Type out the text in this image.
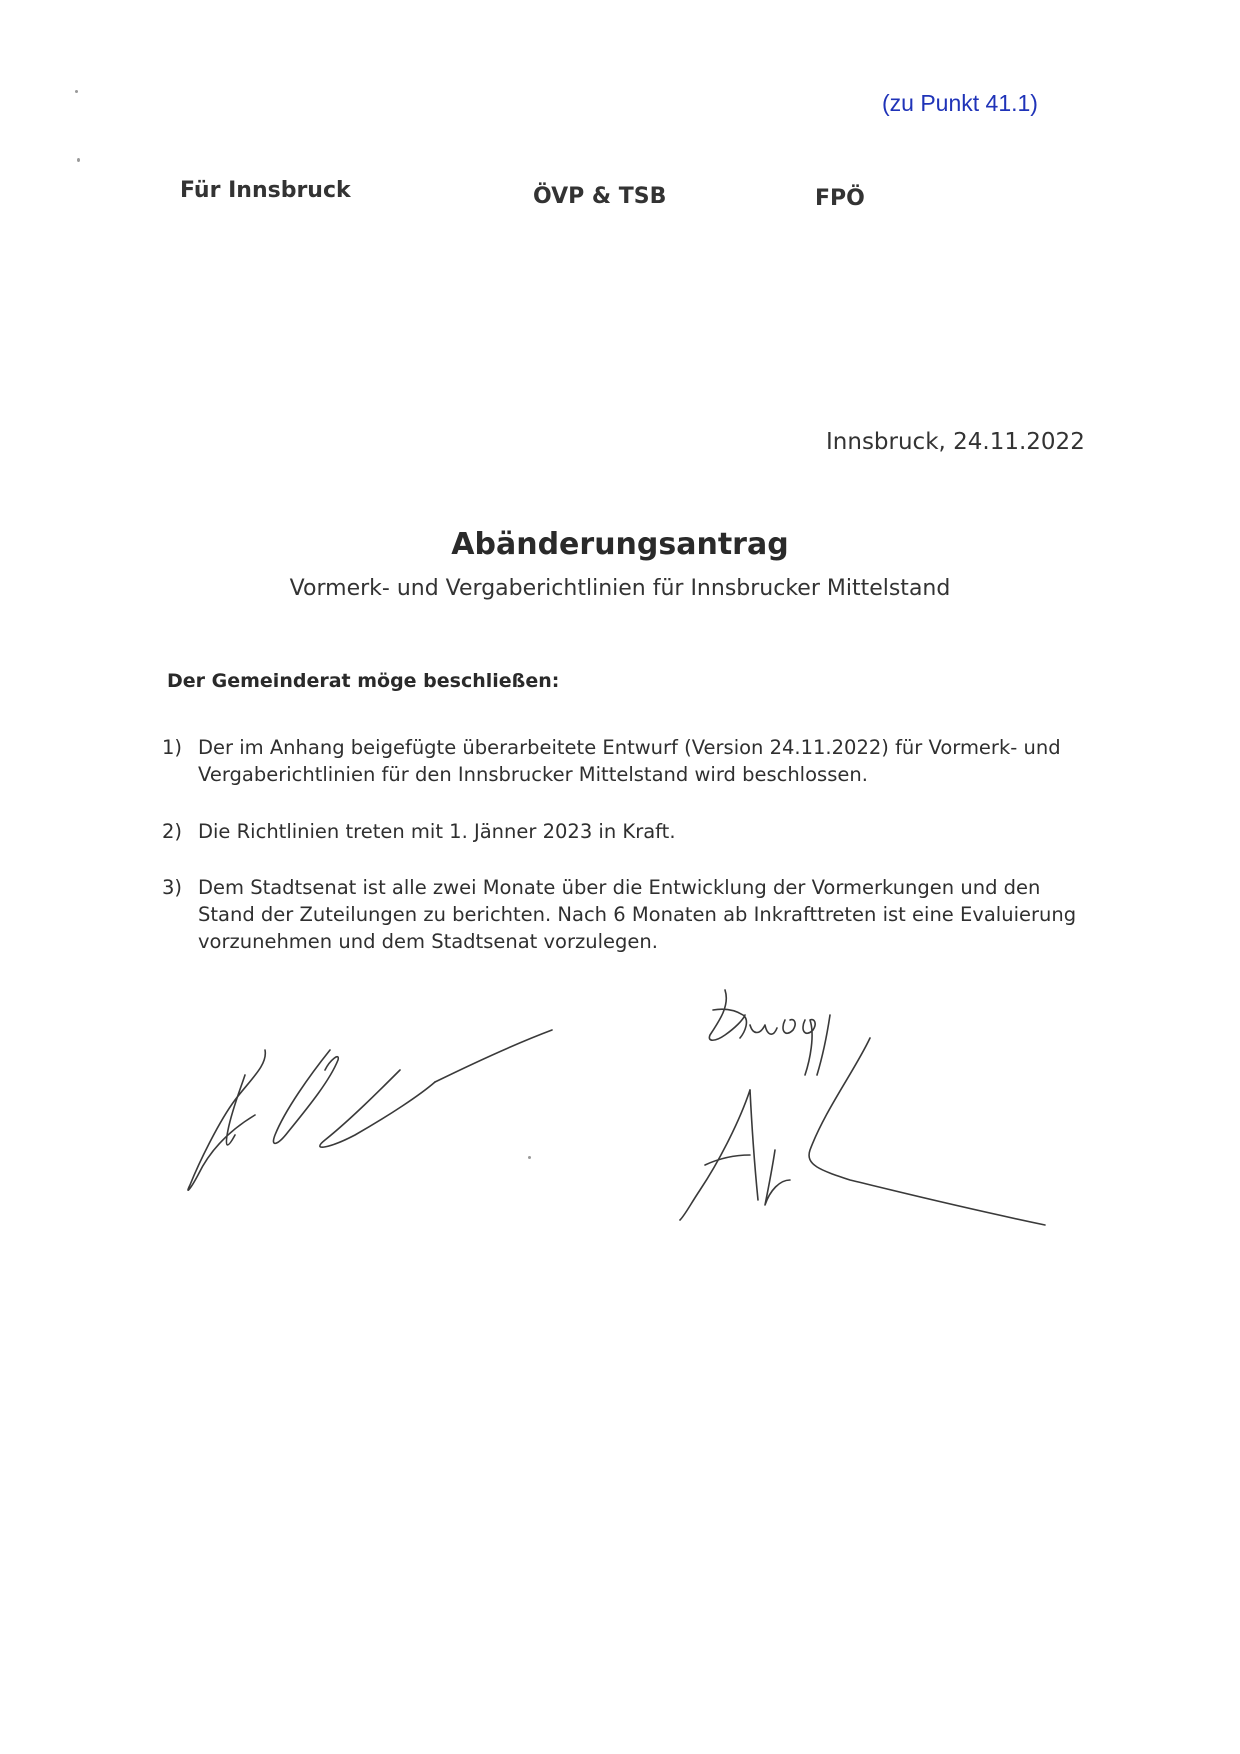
(zu Punkt 41.1)
Für Innsbruck	ÖVP & TSB	FPÖ
Innsbruck, 24.11.2022
Abänderungsantrag
Vormerk- und Vergaberichtlinien für Innsbrucker Mittelstand
Der Gemeinderat möge beschließen:
1) Der im Anhang beigefügte überarbeitete Entwurf (Version 24.11.2022) für Vormerk- und Vergaberichtlinien für den Innsbrucker Mittelstand wird beschlossen.
2) Die Richtlinien treten mit 1. Jänner 2023 in Kraft.
3) Dem Stadtsenat ist alle zwei Monate über die Entwicklung der Vormerkungen und den Stand der Zuteilungen zu berichten. Nach 6 Monaten ab Inkrafttreten ist eine Evaluierung vorzunehmen und dem Stadtsenat vorzulegen.
